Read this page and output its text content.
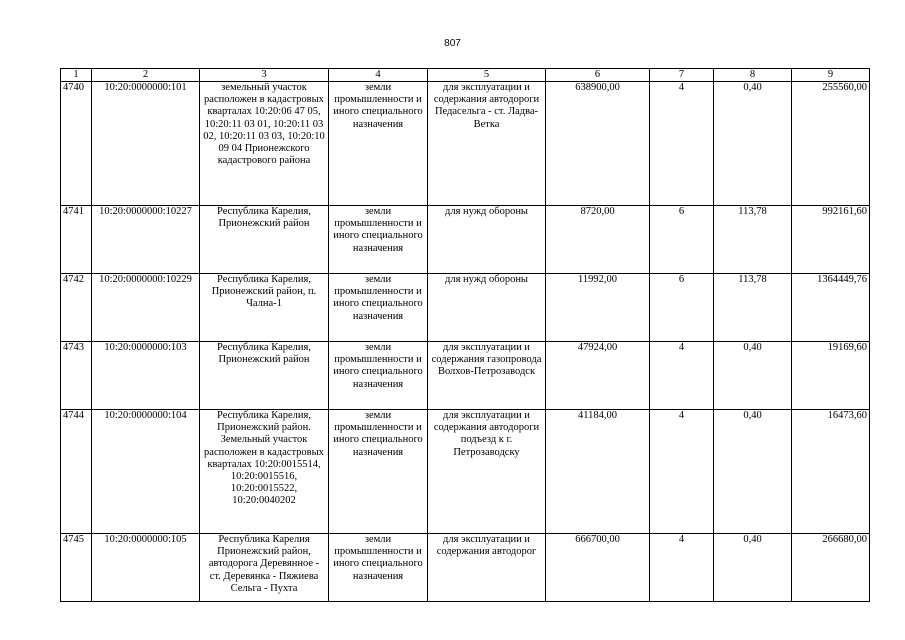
807
1	2	3	4	5	6	7	8	9
4740	10:20:0000000:101	земельный участок расположен в кадастровых кварталах 10:20:06 47 05, 10:20:11 03 01, 10:20:11 03 02, 10:20:11 03 03, 10:20:10 09 04 Прионежского кадастрового района	земли промышленности и иного специального назначения	для эксплуатации и содержания автодороги Педасельга - ст. Ладва-Ветка	638900,00	4	0,40	255560,00
4741	10:20:0000000:10227	Республика Карелия, Прионежский район	земли промышленности и иного специального назначения	для нужд обороны	8720,00	6	113,78	992161,60
4742	10:20:0000000:10229	Республика Карелия, Прионежский район, п. Чална-1	земли промышленности и иного специального назначения	для нужд обороны	11992,00	6	113,78	1364449,76
4743	10:20:0000000:103	Республика Карелия, Прионежский район	земли промышленности и иного специального назначения	для эксплуатации и содержания газопровода Волхов-Петрозаводск	47924,00	4	0,40	19169,60
4744	10:20:0000000:104	Республика Карелия, Прионежский район. Земельный участок расположен в кадастровых кварталах 10:20:0015514, 10:20:0015516, 10:20:0015522, 10:20:0040202	земли промышленности и иного специального назначения	для эксплуатации и содержания автодороги подъезд к г. Петрозаводску	41184,00	4	0,40	16473,60
4745	10:20:0000000:105	Республика Карелия Прионежский район, автодорога Деревянное - ст. Деревянка - Пяжиева Сельга - Пухта	земли промышленности и иного специального назначения	для эксплуатации и содержания автодорог	666700,00	4	0,40	266680,00
